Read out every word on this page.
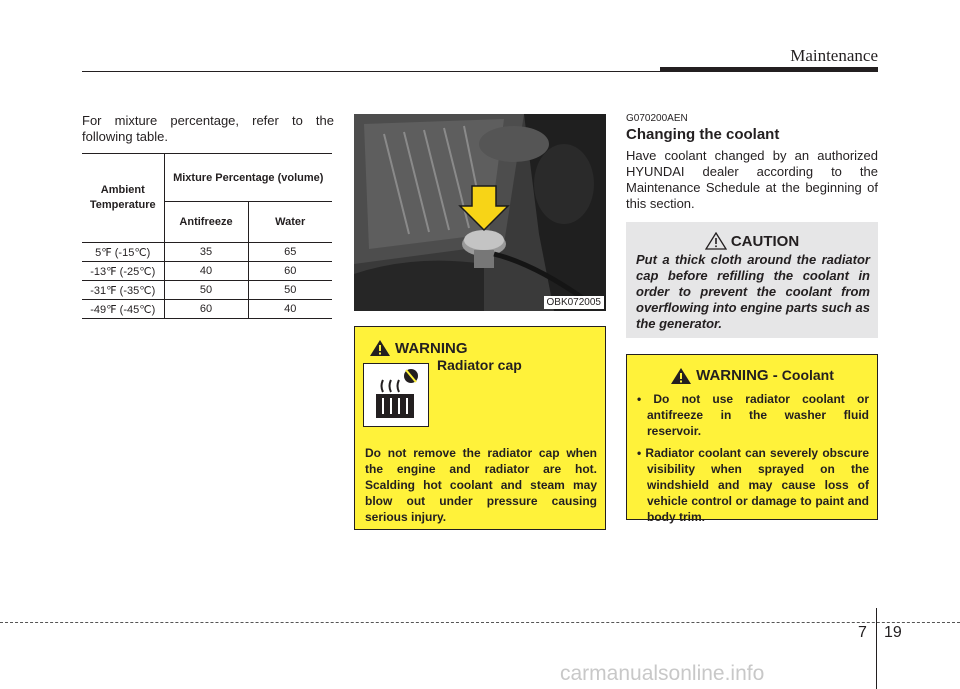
Maintenance

For mixture percentage, refer to the following table.

Ambient Temperature	Mixture Percentage (volume)	
	Antifreeze	Water
5℉ (-15℃)	35	65
-13℉ (-25℃)	40	60
-31℉ (-35℃)	50	50
-49℉ (-45℃)	60	40
OBK072005
WARNING
Radiator cap

Do not remove the radiator cap when the engine and radiator are hot. Scalding hot coolant and steam may blow out under pressure causing serious injury.

G070200AEN
Changing the coolant

Have coolant changed by an authorized HYUNDAI dealer according to the Maintenance Schedule at the beginning of this section.

CAUTION

Put a thick cloth around the radiator cap before refilling the coolant in order to prevent the coolant from overflowing into engine parts such as the generator.

WARNING - Coolant
• Do not use radiator coolant or antifreeze in the washer fluid reservoir.
• Radiator coolant can severely obscure visibility when sprayed on the windshield and may cause loss of vehicle control or damage to paint and body trim.
7 19
carmanualsonline.info
